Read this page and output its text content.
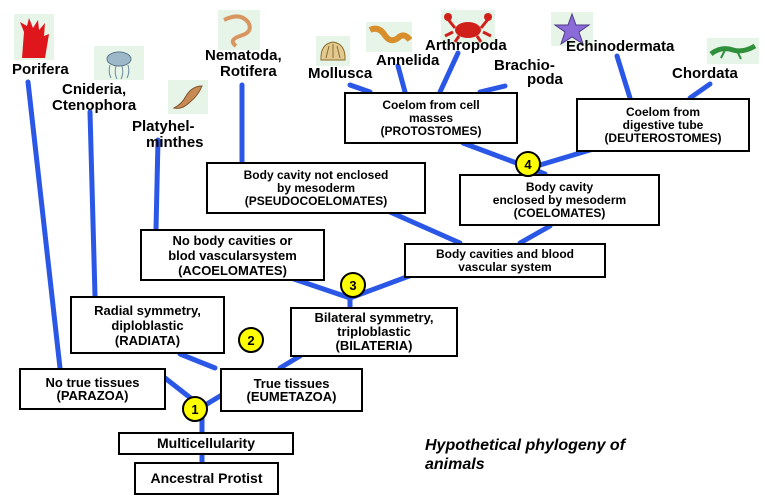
Porifera
Cnideria,
Ctenophora
Platyhel-
minthes
Nematoda,
Rotifera Mollusca
Annelida
Arthropoda
Brachio-
poda
Echinodermata
Chordata
Ancestral Protist
Multicellularity
No true tissues
(PARAZOA)
True tissues
(EUMETAZOA)
Radial symmetry,
diploblastic
(RADIATA)
Bilateral symmetry,
triploblastic
(BILATERIA)
No body cavities or
blod vascularsystem
(ACOELOMATES)
Body cavities and blood
vascular system
Body cavity not enclosed
by mesoderm
(PSEUDOCOELOMATES)
Body cavity
enclosed by mesoderm
(COELOMATES)
Coelom from cell
masses
(PROTOSTOMES)
Coelom from
digestive tube
(DEUTEROSTOMES)
1
2
3
4
Hypothetical phylogeny of
animals
